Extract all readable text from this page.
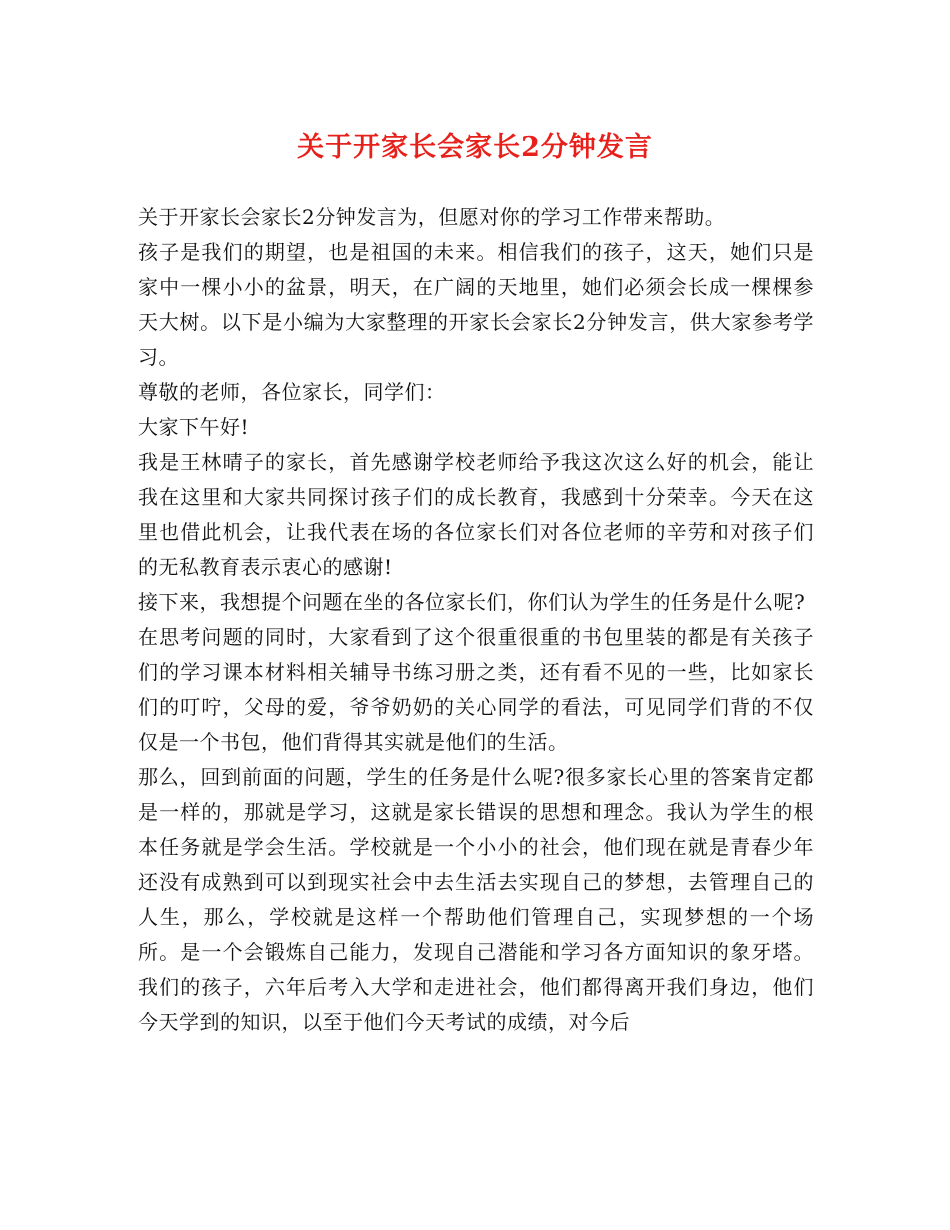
关于开家长会家长2分钟发言

关于开家长会家长2分钟发言为，但愿对你的学习工作带来帮助。

孩子是我们的期望，也是祖国的未来。相信我们的孩子，这天，她们只是家中一棵小小的盆景，明天，在广阔的天地里，她们必须会长成一棵棵参天大树。以下是小编为大家整理的开家长会家长2分钟发言，供大家参考学习。

尊敬的老师，各位家长，同学们：

大家下午好!

我是王林晴子的家长，首先感谢学校老师给予我这次这么好的机会，能让我在这里和大家共同探讨孩子们的成长教育，我感到十分荣幸。今天在这里也借此机会，让我代表在场的各位家长们对各位老师的辛劳和对孩子们的无私教育表示衷心的感谢!

接下来，我想提个问题在坐的各位家长们，你们认为学生的任务是什么呢?

在思考问题的同时，大家看到了这个很重很重的书包里装的都是有关孩子们的学习课本材料相关辅导书练习册之类，还有看不见的一些，比如家长们的叮咛，父母的爱，爷爷奶奶的关心同学的看法，可见同学们背的不仅仅是一个书包，他们背得其实就是他们的生活。

那么，回到前面的问题，学生的任务是什么呢?很多家长心里的答案肯定都是一样的，那就是学习，这就是家长错误的思想和理念。我认为学生的根本任务就是学会生活。学校就是一个小小的社会，他们现在就是青春少年还没有成熟到可以到现实社会中去生活去实现自己的梦想，去管理自己的人生，那么，学校就是这样一个帮助他们管理自己，实现梦想的一个场所。是一个会锻炼自己能力，发现自己潜能和学习各方面知识的象牙塔。我们的孩子，六年后考入大学和走进社会，他们都得离开我们身边，他们今天学到的知识，以至于他们今天考试的成绩，对今后
